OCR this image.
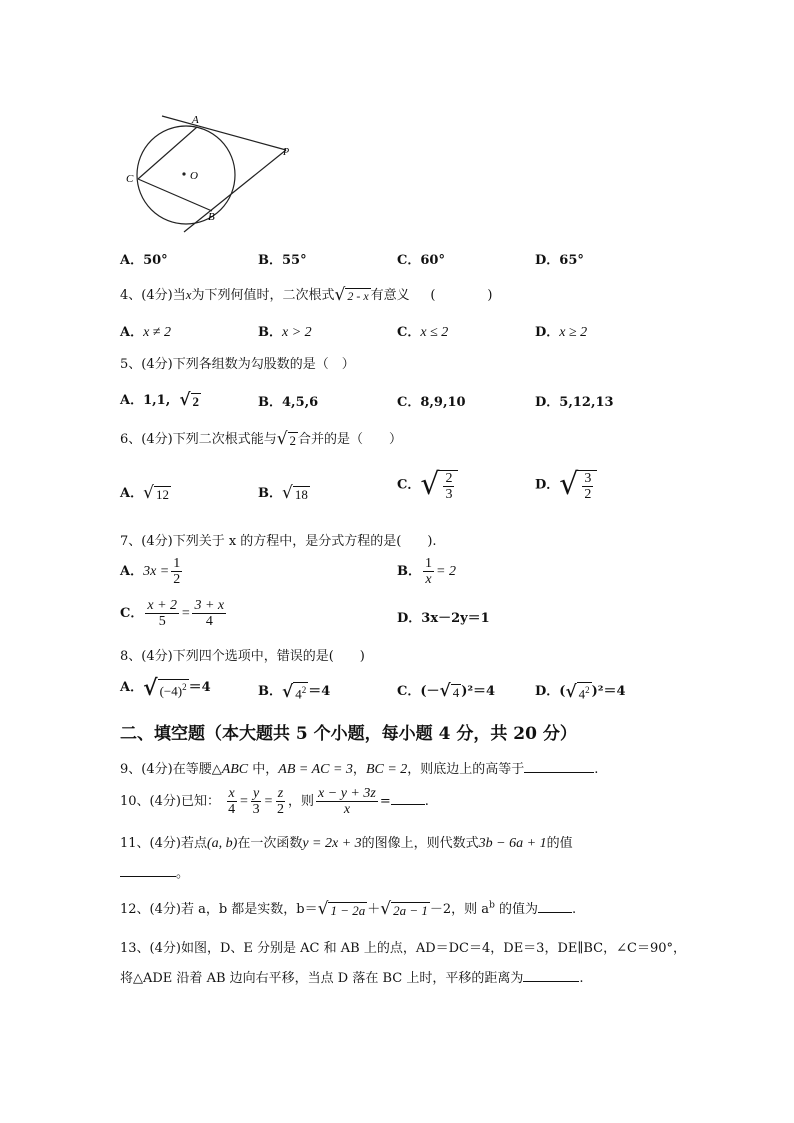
A
B
C	O
P
A．50°	B．55°	C．60°	D．65°
4、(4分)当x为下列何值时，二次根式 √ 2 - x 有意义 (　　　　)
A．x ≠ 2	B．x > 2	C．x ≤ 2	D．x ≥ 2
5、(4分)下列各组数为勾股数的是（　）
A．1,1, √ 2	B．4,5,6	C．8,9,10	D．5,12,13
6、(4分)下列二次根式能与 √ 2 合并的是（　　）
A． √ 12	B． √ 18
C． √ $\frac{2}{3}$	D． √ $\frac{3}{2}$
7、(4分)下列关于 x 的方程中，是分式方程的是(　　).
A．$3x = \frac{1}{2}$	B． $\frac{1}{x} = 2$
C． $\frac{x + 2}{5} = \frac{3 + x}{4}$	D．3x－2y＝1
8、(4分)下列四个选项中，错误的是(　　)
A． √ $(-4)^2 =4$	B． √ $4^2 =4$	C．(－ √ 4 )²＝4	D．( √ $4^2$ )²＝4
二、填空题（本大题共 5 个小题，每小题 4 分，共 20 分）
9、(4分)在等腰△ABC 中，AB = AC = 3，BC = 2，则底边上的高等于	.
10、(4分)已知： $\frac{x}{4} = \frac{y}{3} = \frac{z}{2}$ ，则 $\frac{x - y + 3z}{x}$ =	.
11、(4分)若点(a, b)在一次函数y = 2x + 3的图像上，则代数式3b − 6a + 1的值
。
12、(4分)若 a，b 都是实数，b＝ √ 1 − 2a ＋ √ 2a − 1 －2，则 $a^b$ 的值为	.
13、(4分)如图，D、E 分别是 AC 和 AB 上的点，AD＝DC＝4，DE＝3，DE∥BC，∠C＝90°，
将△ADE 沿着 AB 边向右平移，当点 D 落在 BC 上时，平移的距离为	.
